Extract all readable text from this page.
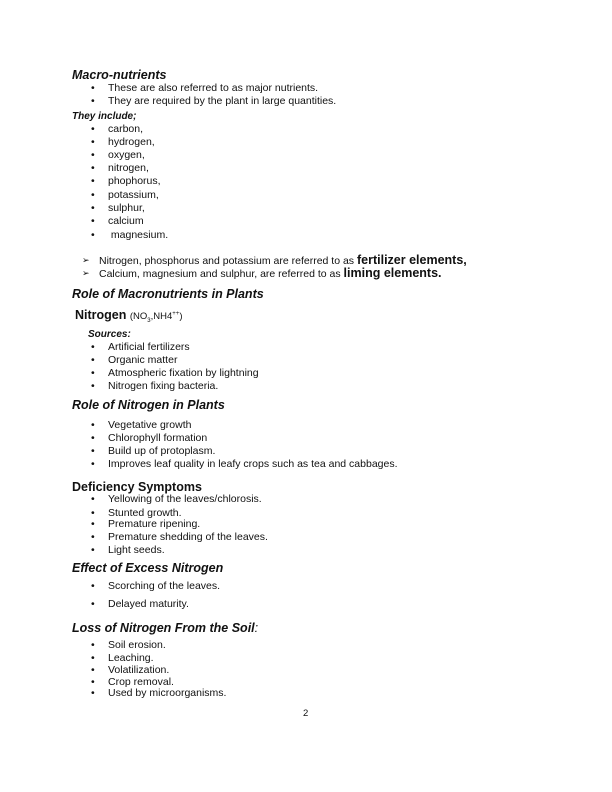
Macro-nutrients
• These are also referred to as major nutrients.
• They are required by the plant in large quantities.
They include;
• carbon,
• hydrogen,
• oxygen,
• nitrogen,
• phophorus,
• potassium,
• sulphur,
• calcium
•  magnesium.
➢ Nitrogen, phosphorus and potassium are referred to as fertilizer elements,
➢ Calcium, magnesium and sulphur, are referred to as liming elements.
Role of Macronutrients in Plants
Nitrogen $(NO_3,NH4^{++})$
Sources:
• Artificial fertilizers
• Organic matter
• Atmospheric fixation by lightning
• Nitrogen fixing bacteria.
Role of Nitrogen in Plants
• Vegetative growth
• Chlorophyll formation
• Build up of protoplasm.
• Improves leaf quality in leafy crops such as tea and cabbages.
Deficiency Symptoms
• Yellowing of the leaves/chlorosis.
• Stunted growth.
• Premature ripening.
• Premature shedding of the leaves.
• Light seeds.
Effect of Excess Nitrogen
• Scorching of the leaves.
• Delayed maturity.
Loss of Nitrogen From the Soil:
• Soil erosion.
• Leaching.
• Volatilization.
• Crop removal.
• Used by microorganisms.
2
